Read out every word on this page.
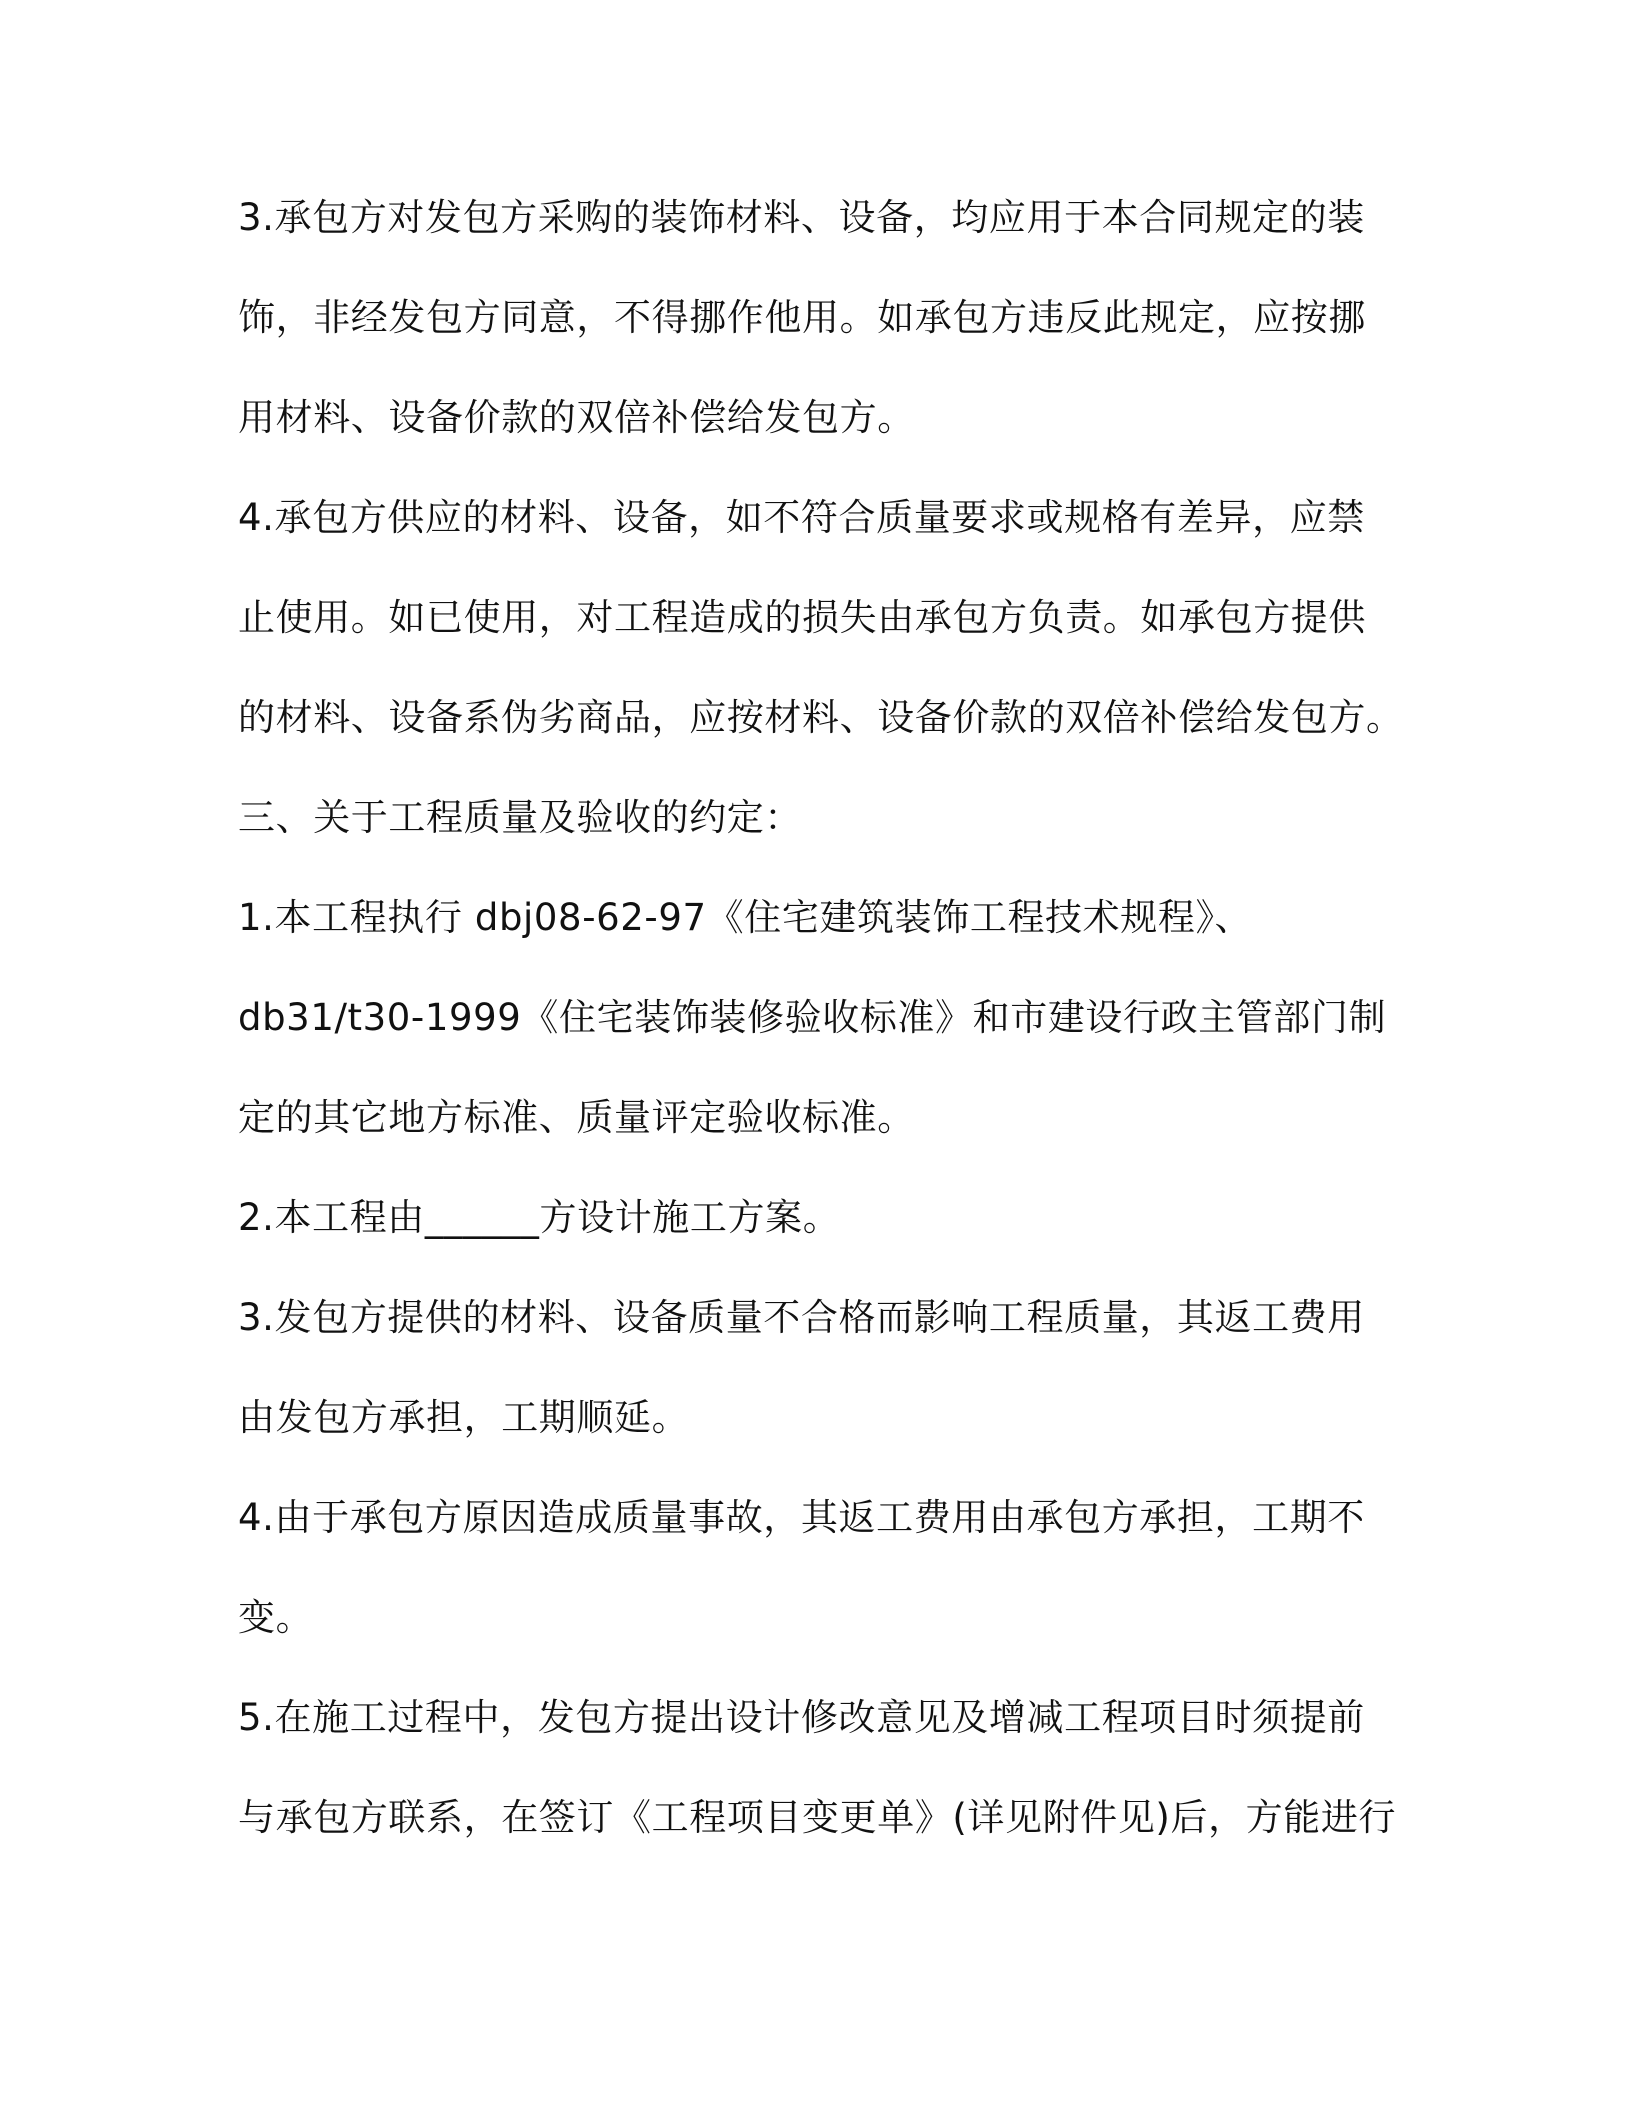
3.承包方对发包方采购的装饰材料、设备，均应用于本合同规定的装

饰，非经发包方同意，不得挪作他用。如承包方违反此规定，应按挪

用材料、设备价款的双倍补偿给发包方。

4.承包方供应的材料、设备，如不符合质量要求或规格有差异，应禁

止使用。如已使用，对工程造成的损失由承包方负责。如承包方提供

的材料、设备系伪劣商品，应按材料、设备价款的双倍补偿给发包方。

三、关于工程质量及验收的约定：

1.本工程执行 dbj08-62-97《住宅建筑装饰工程技术规程》、

db31/t30-1999《住宅装饰装修验收标准》和市建设行政主管部门制

定的其它地方标准、质量评定验收标准。

2.本工程由______方设计施工方案。

3.发包方提供的材料、设备质量不合格而影响工程质量，其返工费用

由发包方承担，工期顺延。

4.由于承包方原因造成质量事故，其返工费用由承包方承担，工期不

变。

5.在施工过程中，发包方提出设计修改意见及增减工程项目时须提前

与承包方联系，在签订《工程项目变更单》(详见附件见)后，方能进行
